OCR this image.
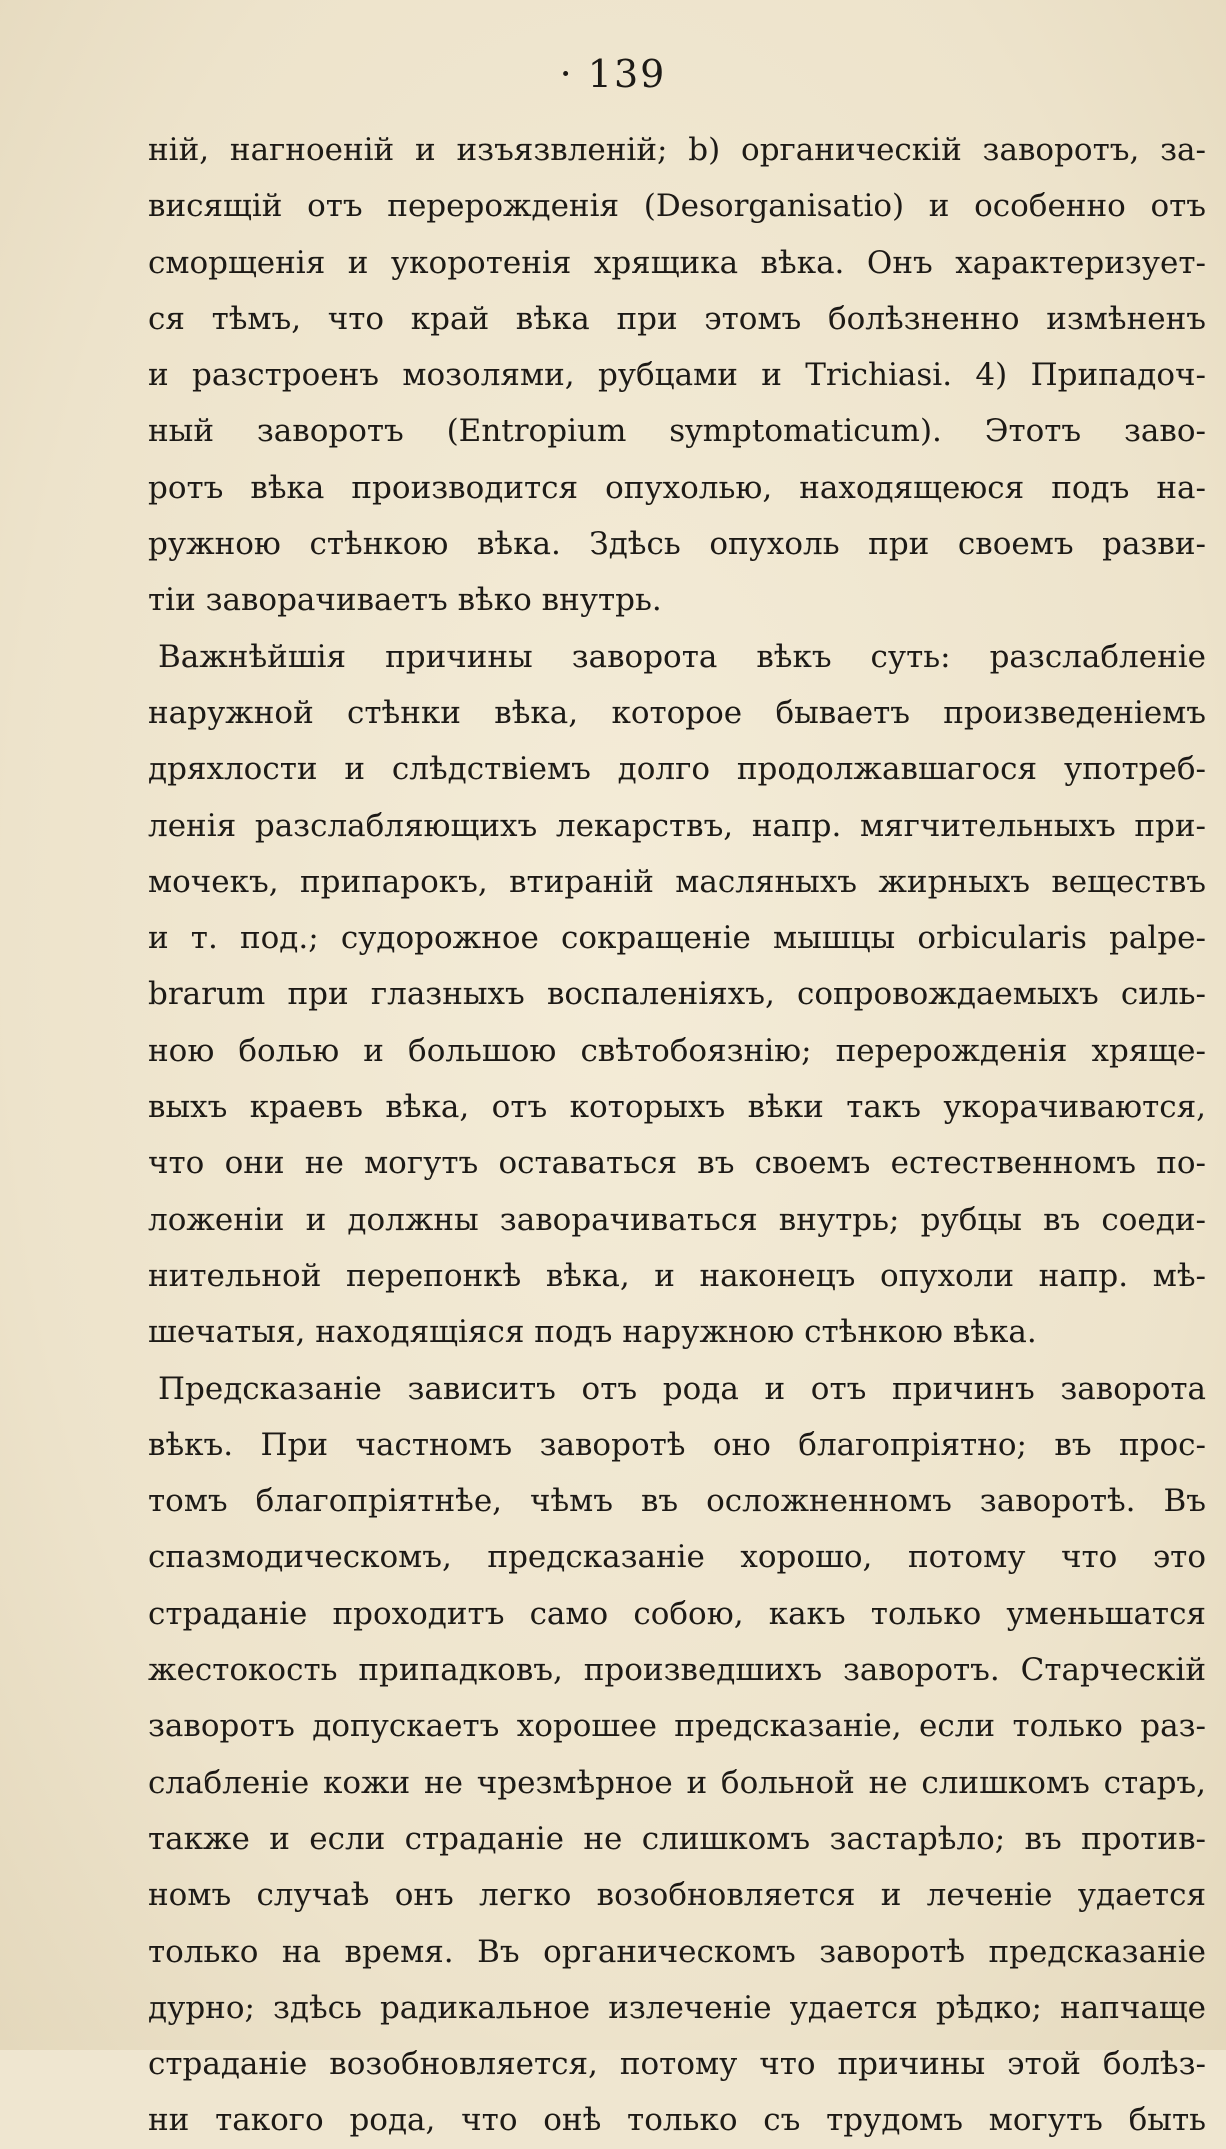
· 139
ній, нагноеній и изъязвленій; b) органическій заворотъ, за-
висящій отъ перерожденія (Desorganisatio) и особенно отъ
сморщенія и укоротенія хрящика вѣка. Онъ характеризует-
ся тѣмъ, что край вѣка при этомъ болѣзненно измѣненъ
и разстроенъ мозолями, рубцами и Trichiasi. 4) Припадоч-
ный заворотъ (Entropium symptomaticum). Этотъ заво-
ротъ вѣка производится опухолью, находящеюся подъ на-
ружною стѣнкою вѣка. Здѣсь опухоль при своемъ разви-
тіи заворачиваетъ вѣко внутрь.
Важнѣйшія причины заворота вѣкъ суть: разслабленіе
наружной стѣнки вѣка, которое бываетъ произведеніемъ
дряхлости и слѣдствіемъ долго продолжавшагося употреб-
ленія разслабляющихъ лекарствъ, напр. мягчительныхъ при-
мочекъ, припарокъ, втираній масляныхъ жирныхъ веществъ
и т. под.; судорожное сокращеніе мышцы orbicularis palpe-
brarum при глазныхъ воспаленіяхъ, сопровождаемыхъ силь-
ною болью и большою свѣтобоязнію; перерожденія хряще-
выхъ краевъ вѣка, отъ которыхъ вѣки такъ укорачиваются,
что они не могутъ оставаться въ своемъ естественномъ по-
ложеніи и должны заворачиваться внутрь; рубцы въ соеди-
нительной перепонкѣ вѣка, и наконецъ опухоли напр. мѣ-
шечатыя, находящіяся подъ наружною стѣнкою вѣка.
Предсказаніе зависитъ отъ рода и отъ причинъ заворота
вѣкъ. При частномъ заворотѣ оно благопріятно; въ прос-
томъ благопріятнѣе, чѣмъ въ осложненномъ заворотѣ. Въ
спазмодическомъ, предсказаніе хорошо, потому что это
страданіе проходитъ само собою, какъ только уменьшатся
жестокость припадковъ, произведшихъ заворотъ. Старческій
заворотъ допускаетъ хорошее предсказаніе, если только раз-
слабленіе кожи не чрезмѣрное и больной не слишкомъ старъ,
также и если страданіе не слишкомъ застарѣло; въ против-
номъ случаѣ онъ легко возобновляется и леченіе удается
только на время. Въ органическомъ заворотѣ предсказаніе
дурно; здѣсь радикальное излеченіе удается рѣдко; напчаще
страданіе возобновляется, потому что причины этой болѣз-
ни такого рода, что онѣ только съ трудомъ могутъ быть
